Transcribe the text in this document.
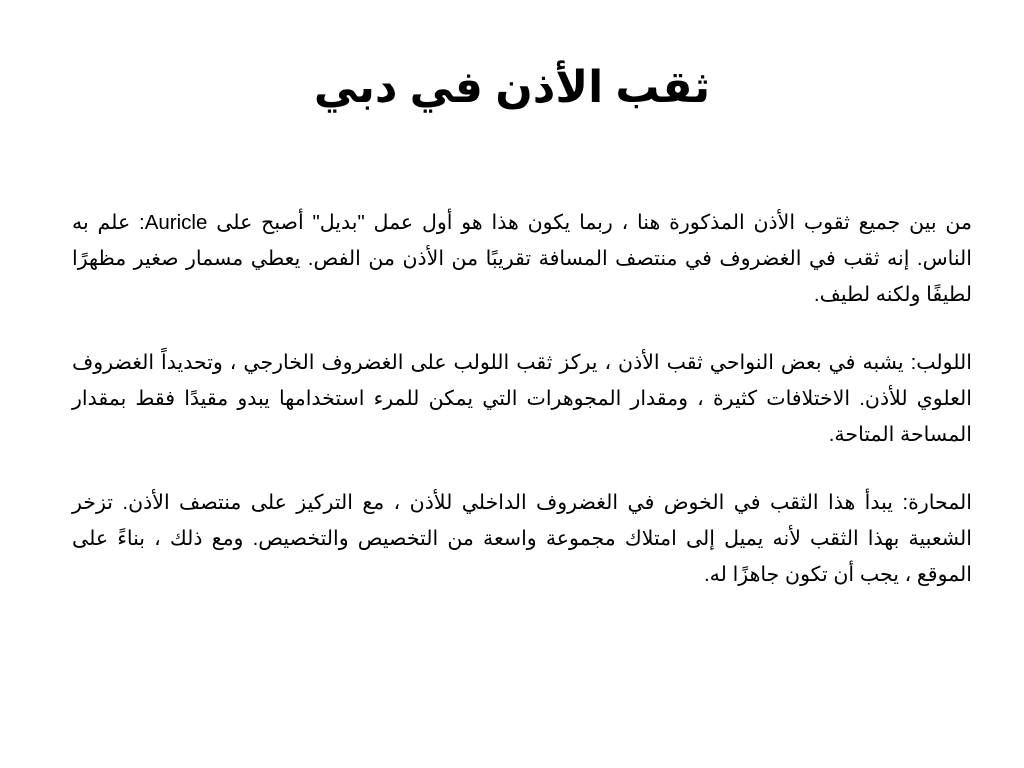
ثقب الأذن في دبي

من بين جميع ثقوب الأذن المذكورة هنا ، ربما يكون هذا هو أول عمل "بديل" أصبح على Auricle: علم به الناس. إنه ثقب في الغضروف في منتصف المسافة تقريبًا من الأذن من الفص. يعطي مسمار صغير مظهرًا لطيفًا ولكنه لطيف.

اللولب: يشبه في بعض النواحي ثقب الأذن ، يركز ثقب اللولب على الغضروف الخارجي ، وتحديداً الغضروف العلوي للأذن. الاختلافات كثيرة ، ومقدار المجوهرات التي يمكن للمرء استخدامها يبدو مقيدًا فقط بمقدار المساحة المتاحة.

المحارة: يبدأ هذا الثقب في الخوض في الغضروف الداخلي للأذن ، مع التركيز على منتصف الأذن. تزخر الشعبية بهذا الثقب لأنه يميل إلى امتلاك مجموعة واسعة من التخصيص والتخصيص. ومع ذلك ، بناءً على الموقع ، يجب أن تكون جاهزًا له.
